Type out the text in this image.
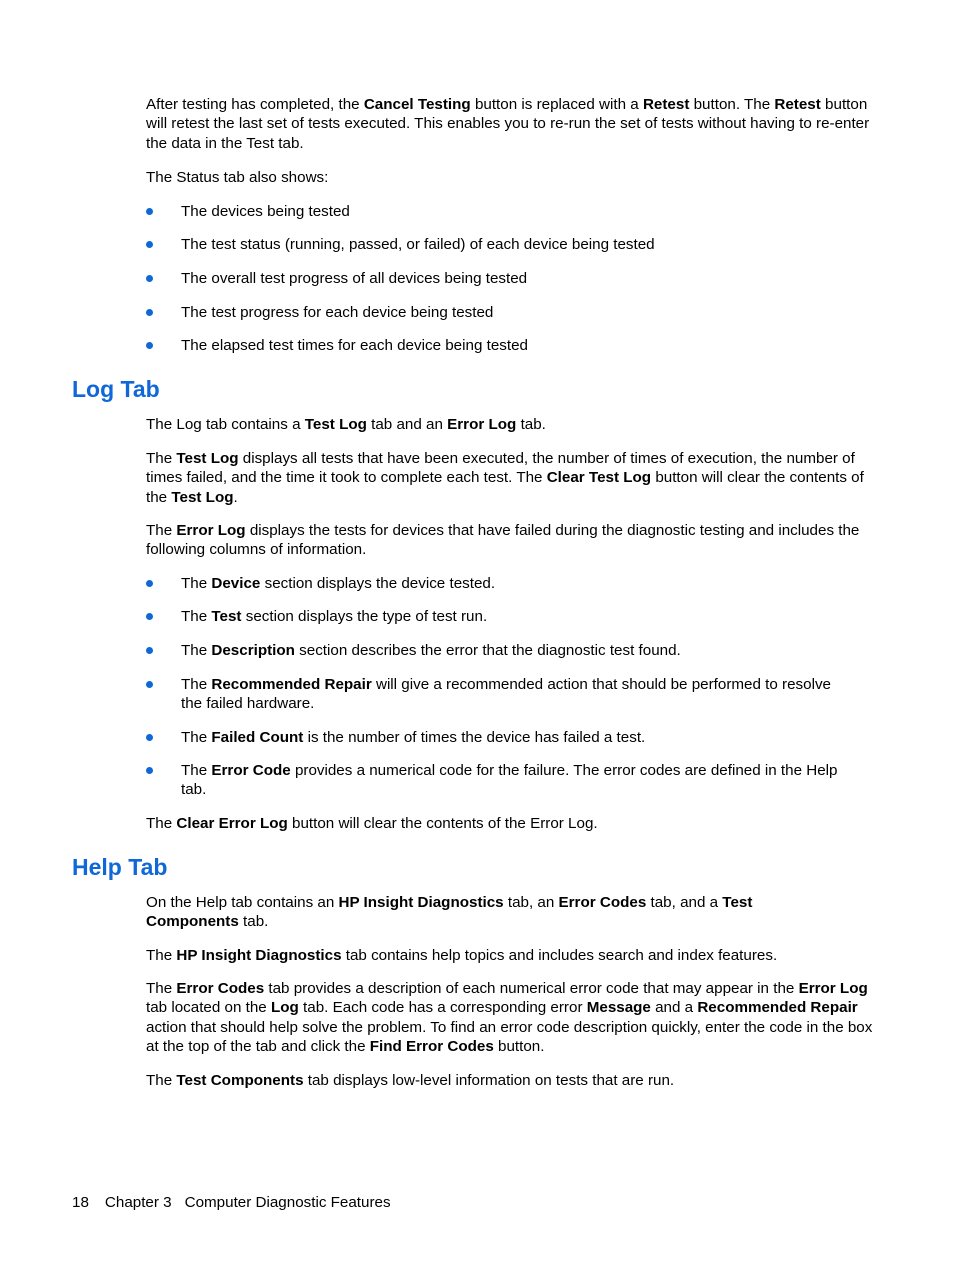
After testing has completed, the Cancel Testing button is replaced with a Retest button. The Retest button will retest the last set of tests executed. This enables you to re-run the set of tests without having to re-enter the data in the Test tab.

The Status tab also shows:

The devices being tested
The test status (running, passed, or failed) of each device being tested
The overall test progress of all devices being tested
The test progress for each device being tested
The elapsed test times for each device being tested
Log Tab

The Log tab contains a Test Log tab and an Error Log tab.

The Test Log displays all tests that have been executed, the number of times of execution, the number of times failed, and the time it took to complete each test. The Clear Test Log button will clear the contents of the Test Log.

The Error Log displays the tests for devices that have failed during the diagnostic testing and includes the following columns of information.

The Device section displays the device tested.
The Test section displays the type of test run.
The Description section describes the error that the diagnostic test found.
The Recommended Repair will give a recommended action that should be performed to resolve the failed hardware.
The Failed Count is the number of times the device has failed a test.
The Error Code provides a numerical code for the failure. The error codes are defined in the Help tab.

The Clear Error Log button will clear the contents of the Error Log.

Help Tab

On the Help tab contains an HP Insight Diagnostics tab, an Error Codes tab, and a Test Components tab.

The HP Insight Diagnostics tab contains help topics and includes search and index features.

The Error Codes tab provides a description of each numerical error code that may appear in the Error Log tab located on the Log tab. Each code has a corresponding error Message and a Recommended Repair action that should help solve the problem. To find an error code description quickly, enter the code in the box at the top of the tab and click the Find Error Codes button.

The Test Components tab displays low-level information on tests that are run.

18 Chapter 3 Computer Diagnostic Features
